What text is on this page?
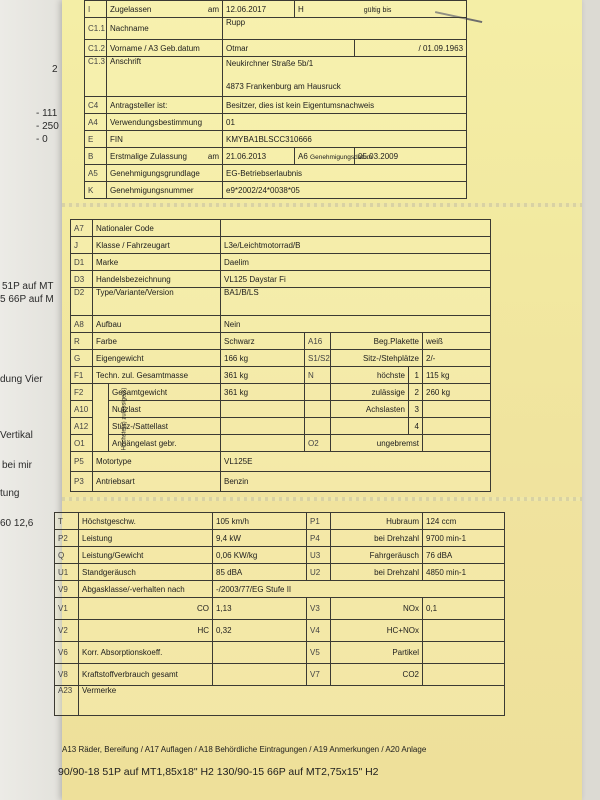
2
- 111
- 250
- 0
51P auf MT
5 66P auf M
dung Vier
Vertikal
bei mir
tung
60 12,6
I	Zugelassen am	12.06.2017	H gültig bis	
C1.1	Nachname	Rupp		
C1.2	Vorname / A3 Geb.datum	Otmar		/ 01.09.1963
C1.3	Anschrift	Neukirchner Straße 5b/1
4873 Frankenburg am Hausruck		

C4	Antragsteller ist:	Besitzer, dies ist kein Eigentumsnachweis		
A4	Verwendungsbestimmung	01		
E	FIN	KMYBA1BLSCC310666		
B	Erstmalige Zulassung am	21.06.2013	A6 Genehmigungsdatum	05.03.2009
A5	Genehmigungsgrundlage	EG-Betriebserlaubnis		
K	Genehmigungsnummer	e9*2002/24*0038*05		
A7	Nationaler Code						
J	Klasse / Fahrzeugart		L3e/Leichtmotorrad/B				
D1	Marke		Daelim				
D3	Handelsbezeichnung		VL125 Daystar Fi				
D2	Type/Variante/Version		BA1/B/LS				
A8	Aufbau		Nein				
R	Farbe		Schwarz	A16	Beg.Plakette		weiß
G	Eigengewicht		166 kg	S1/S2	Sitz-/Stehplätze		2/-
F1	Techn. zul. Gesamtmasse		361 kg	N	höchste	1	115 kg
F2	Höchste(s) zulässige(s)	Gesamtgewicht	361 kg		zulässige	2	260 kg
A10		Nutzlast			Achslasten	3	
A12		Stütz-/Sattellast				4	
O1		Anhängelast gebr.		O2	ungebremst		
P5	Motortype		VL125E				
P3	Antriebsart		Benzin				
T	Höchstgeschw.	105 km/h	P1	Hubraum	124 ccm
P2	Leistung	9,4 kW	P4	bei Drehzahl	9700 min-1
Q	Leistung/Gewicht	0,06 KW/kg	U3	Fahrgeräusch	76 dBA
U1	Standgeräusch	85 dBA	U2	bei Drehzahl	4850 min-1
V9	Abgasklasse/-verhalten nach	-/2003/77/EG Stufe II			
V1	CO	1,13	V3	NOx	0,1
V2	HC	0,32	V4	HC+NOx	
V6	Korr. Absorptionskoeff.		V5	Partikel	
V8	Kraftstoffverbrauch gesamt		V7	CO2	
A23	Vermerke				
A13 Räder, Bereifung / A17 Auflagen / A18 Behördliche Eintragungen / A19 Anmerkungen / A20 Anlage
90/90-18 51P auf MT1,85x18" H2 130/90-15 66P auf MT2,75x15" H2
